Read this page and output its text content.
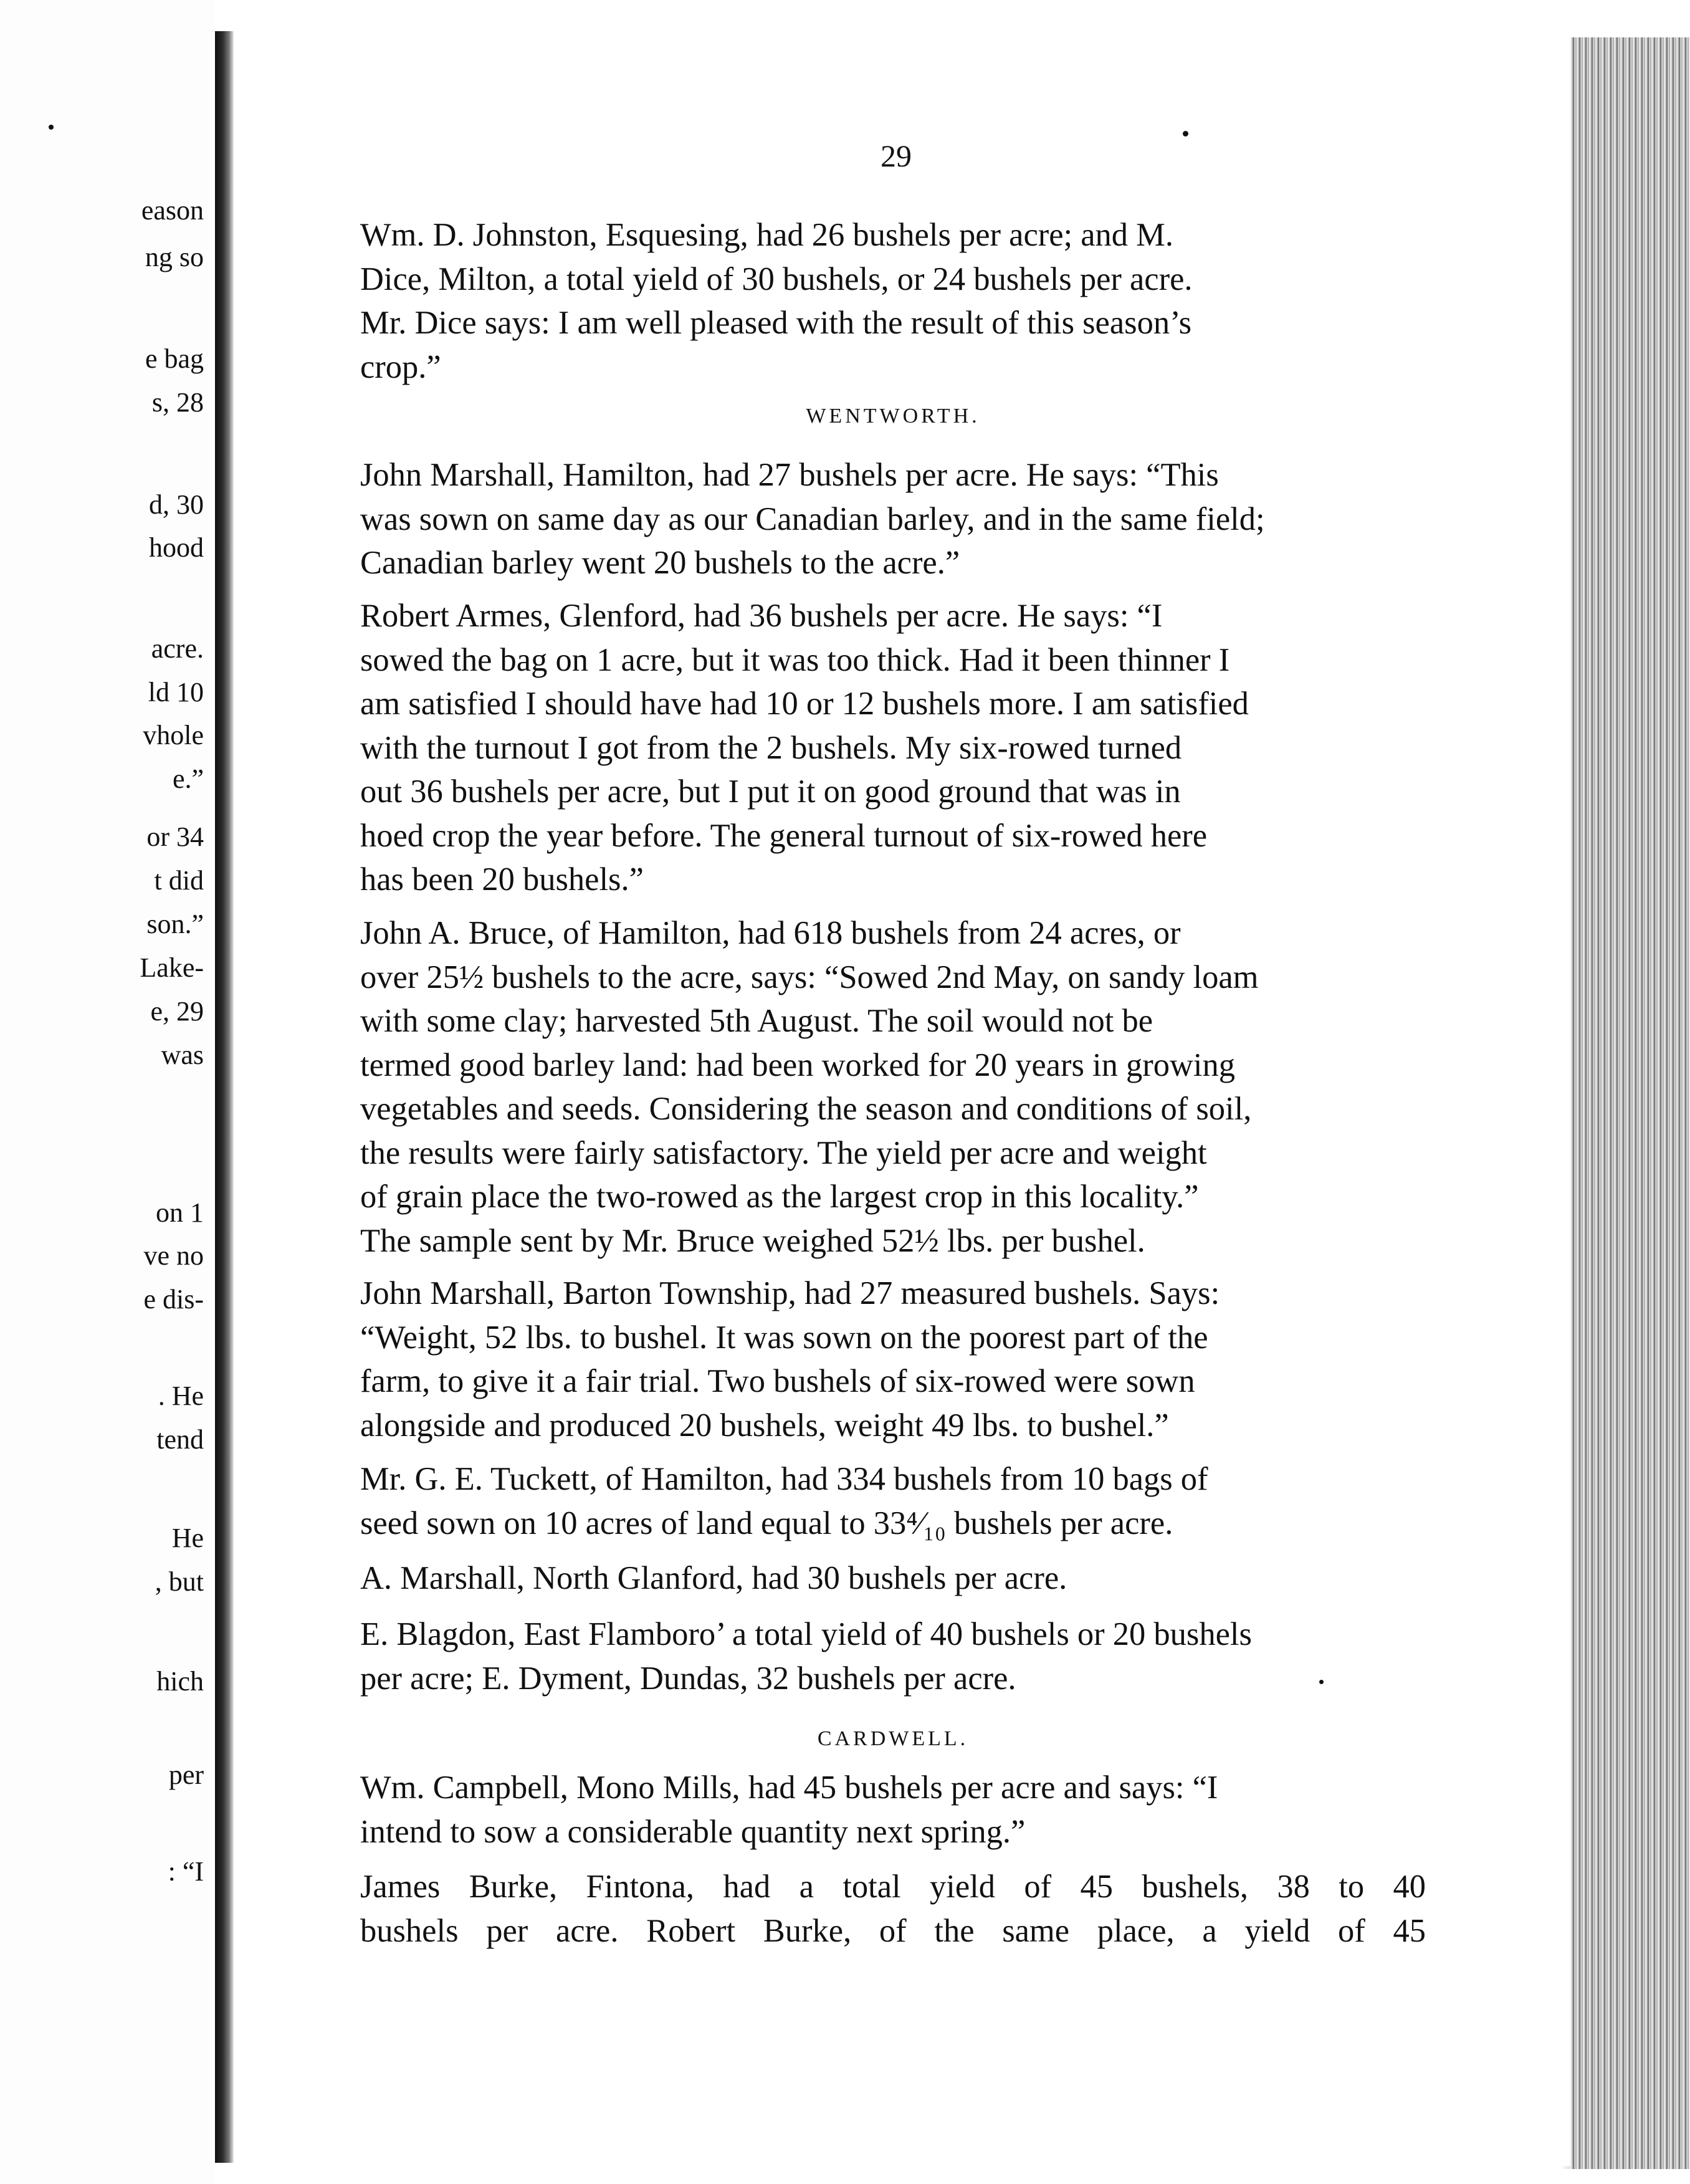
eason
ng so
e bag
s, 28
d, 30
hood
acre.
ld 10
vhole
e.”
or 34
t did
son.”
Lake-
e, 29
was
on 1
ve no
e dis-
. He
tend
He
, but
hich
per
: “I
29

Wm. D. Johnston, Esquesing, had 26 bushels per acre; and M.
Dice, Milton, a total yield of 30 bushels, or 24 bushels per acre.
Mr. Dice says: I am well pleased with the result of this season’s
crop.”

WENTWORTH.

John Marshall, Hamilton, had 27 bushels per acre. He says: “This
was sown on same day as our Canadian barley, and in the same field;
Canadian barley went 20 bushels to the acre.”

Robert Armes, Glenford, had 36 bushels per acre. He says: “I
sowed the bag on 1 acre, but it was too thick. Had it been thinner I
am satisfied I should have had 10 or 12 bushels more. I am satisfied
with the turnout I got from the 2 bushels. My six-rowed turned
out 36 bushels per acre, but I put it on good ground that was in
hoed crop the year before. The general turnout of six-rowed here
has been 20 bushels.”

John A. Bruce, of Hamilton, had 618 bushels from 24 acres, or
over 25½ bushels to the acre, says: “Sowed 2nd May, on sandy loam
with some clay; harvested 5th August. The soil would not be
termed good barley land: had been worked for 20 years in growing
vegetables and seeds. Considering the season and conditions of soil,
the results were fairly satisfactory. The yield per acre and weight
of grain place the two-rowed as the largest crop in this locality.”
The sample sent by Mr. Bruce weighed 52½ lbs. per bushel.

John Marshall, Barton Township, had 27 measured bushels. Says:
“Weight, 52 lbs. to bushel. It was sown on the poorest part of the
farm, to give it a fair trial. Two bushels of six-rowed were sown
alongside and produced 20 bushels, weight 49 lbs. to bushel.”

Mr. G. E. Tuckett, of Hamilton, had 334 bushels from 10 bags of
seed sown on 10 acres of land equal to 33⁴⁄₁₀ bushels per acre.

A. Marshall, North Glanford, had 30 bushels per acre.

E. Blagdon, East Flamboro’ a total yield of 40 bushels or 20 bushels
per acre; E. Dyment, Dundas, 32 bushels per acre.

CARDWELL.

Wm. Campbell, Mono Mills, had 45 bushels per acre and says: “I
intend to sow a considerable quantity next spring.”

James Burke, Fintona, had a total yield of 45 bushels, 38 to 40
bushels per acre. Robert Burke, of the same place, a yield of 45
